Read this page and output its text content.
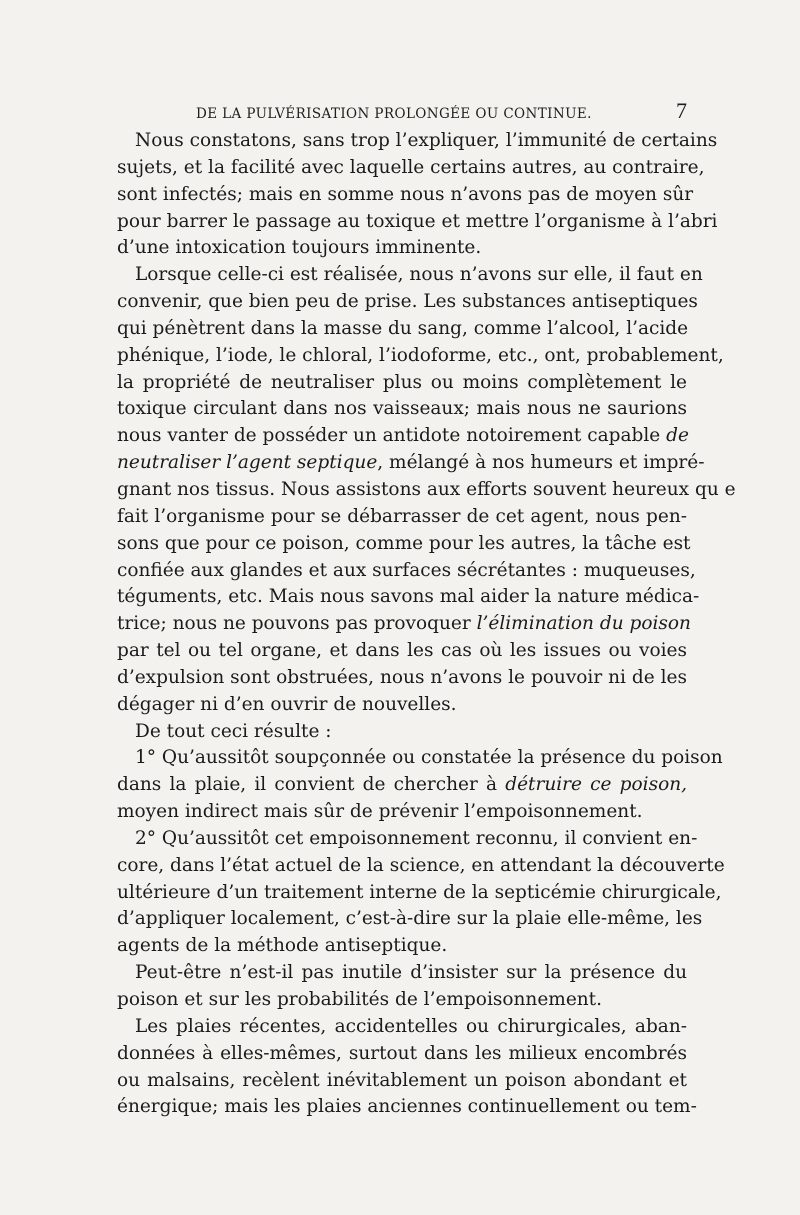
DE LA PULVÉRISATION PROLONGÉE OU CONTINUE.	7
Nous constatons, sans trop l’expliquer, l’immunité de certains
sujets, et la facilité avec laquelle certains autres, au contraire,
sont infectés; mais en somme nous n’avons pas de moyen sûr
pour barrer le passage au toxique et mettre l’organisme à l’abri
d’une intoxication toujours imminente.
Lorsque celle-ci est réalisée, nous n’avons sur elle, il faut en
convenir, que bien peu de prise. Les substances antiseptiques
qui pénètrent dans la masse du sang, comme l’alcool, l’acide
phénique, l’iode, le chloral, l’iodoforme, etc., ont, probablement,
la propriété de neutraliser plus ou moins complètement le
toxique circulant dans nos vaisseaux; mais nous ne saurions
nous vanter de posséder un antidote notoirement capable de
neutraliser l’agent septique, mélangé à nos humeurs et impré-
gnant nos tissus. Nous assistons aux efforts souvent heureux qu e
fait l’organisme pour se débarrasser de cet agent, nous pen-
sons que pour ce poison, comme pour les autres, la tâche est
confiée aux glandes et aux surfaces sécrétantes : muqueuses,
téguments, etc. Mais nous savons mal aider la nature médica-
trice; nous ne pouvons pas provoquer l’élimination du poison
par tel ou tel organe, et dans les cas où les issues ou voies
d’expulsion sont obstruées, nous n’avons le pouvoir ni de les
dégager ni d’en ouvrir de nouvelles.
De tout ceci résulte :
1° Qu’aussitôt soupçonnée ou constatée la présence du poison
dans la plaie, il convient de chercher à détruire ce poison,
moyen indirect mais sûr de prévenir l’empoisonnement.
2° Qu’aussitôt cet empoisonnement reconnu, il convient en-
core, dans l’état actuel de la science, en attendant la découverte
ultérieure d’un traitement interne de la septicémie chirurgicale,
d’appliquer localement, c’est-à-dire sur la plaie elle-même, les
agents de la méthode antiseptique.
Peut-être n’est-il pas inutile d’insister sur la présence du
poison et sur les probabilités de l’empoisonnement.
Les plaies récentes, accidentelles ou chirurgicales, aban-
données à elles-mêmes, surtout dans les milieux encombrés
ou malsains, recèlent inévitablement un poison abondant et
énergique; mais les plaies anciennes continuellement ou tem-
